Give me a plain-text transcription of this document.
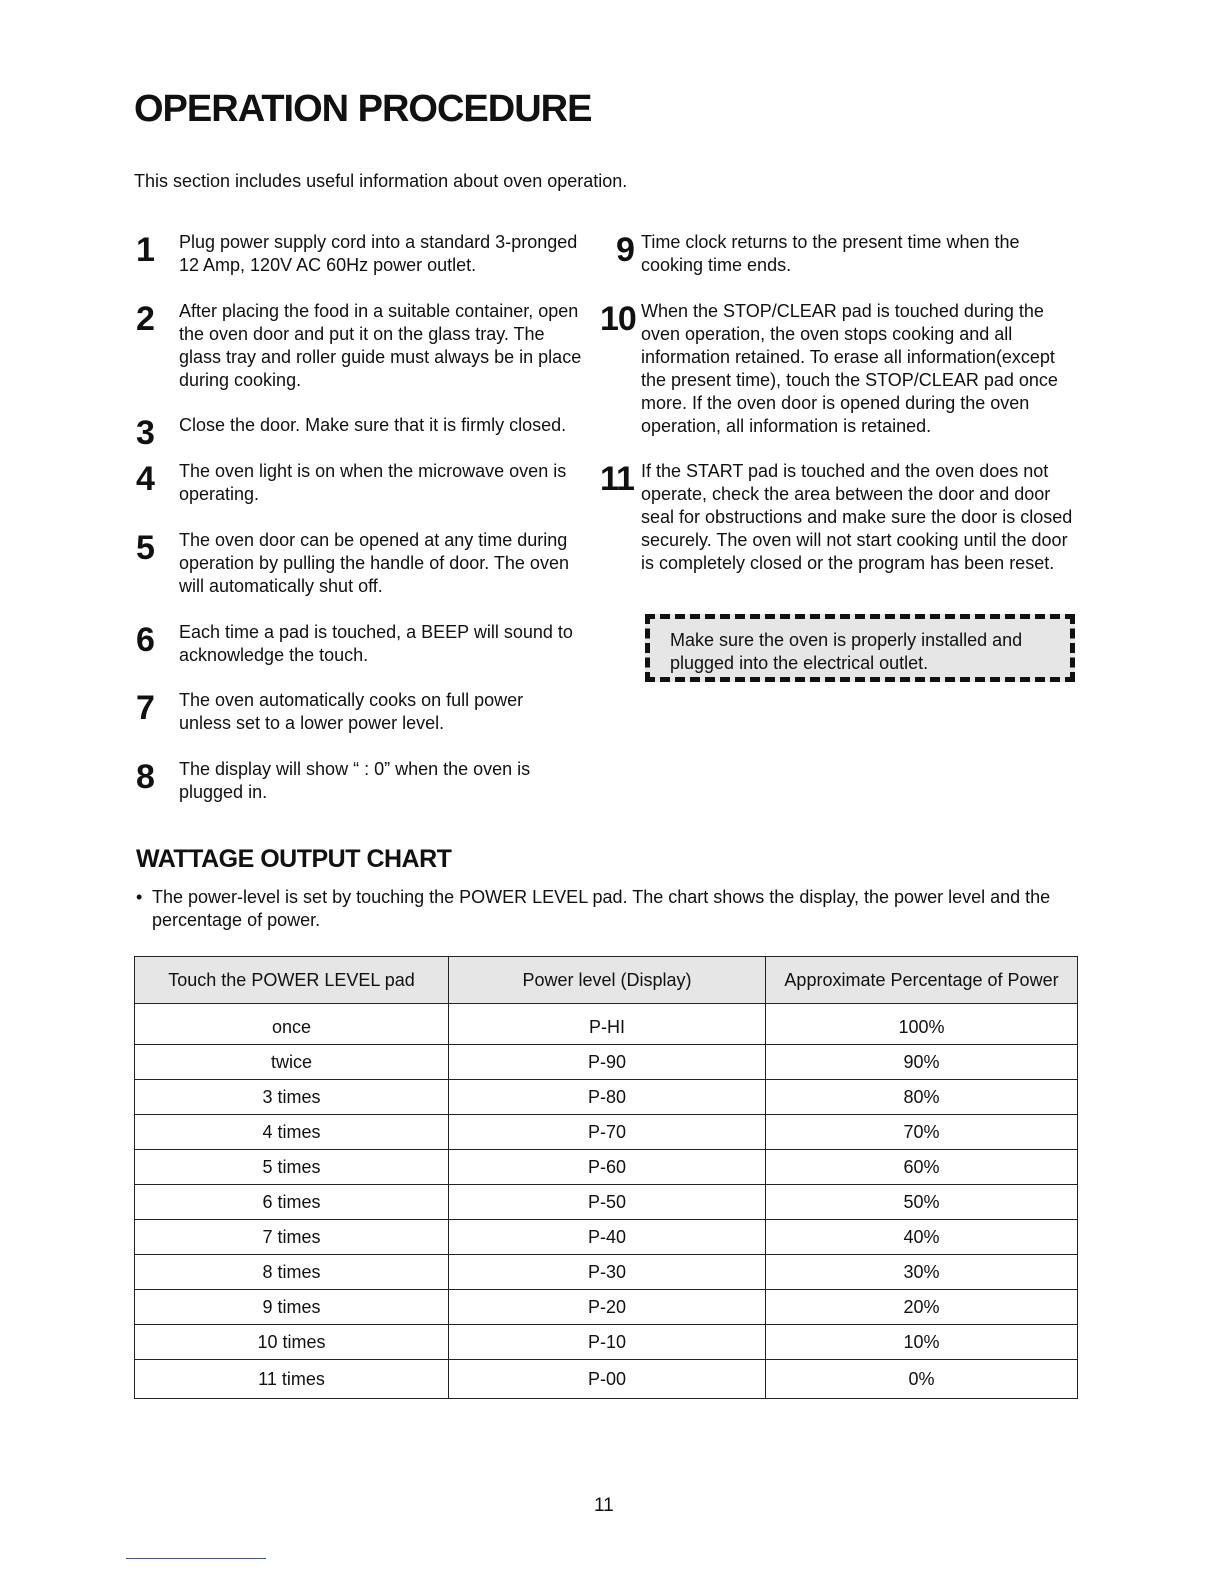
OPERATION PROCEDURE

This section includes useful information about oven operation.

1 Plug power supply cord into a standard 3-pronged 12 Amp, 120V AC 60Hz power outlet.
2 After placing the food in a suitable container, open the oven door and put it on the glass tray. The glass tray and roller guide must always be in place during cooking.
3 Close the door. Make sure that it is firmly closed.
4 The oven light is on when the microwave oven is operating.
5 The oven door can be opened at any time during operation by pulling the handle of door. The oven will automatically shut off.
6 Each time a pad is touched, a BEEP will sound to acknowledge the touch.
7 The oven automatically cooks on full power unless set to a lower power level.
8 The display will show “ : 0” when the oven is plugged in.
9 Time clock returns to the present time when the cooking time ends.
10 When the STOP/CLEAR pad is touched during the oven operation, the oven stops cooking and all information retained. To erase all information(except the present time), touch the STOP/CLEAR pad once more. If the oven door is opened during the oven operation, all information is retained.
11 If the START pad is touched and the oven does not operate, check the area between the door and door seal for obstructions and make sure the door is closed securely. The oven will not start cooking until the door is completely closed or the program has been reset.
Make sure the oven is properly installed and plugged into the electrical outlet.
WATTAGE OUTPUT CHART
• The power-level is set by touching the POWER LEVEL pad. The chart shows the display, the power level and the percentage of power.
Touch the POWER LEVEL pad	Power level (Display)	Approximate Percentage of Power
once	P-HI	100%
twice	P-90	90%
3 times	P-80	80%
4 times	P-70	70%
5 times	P-60	60%
6 times	P-50	50%
7 times	P-40	40%
8 times	P-30	30%
9 times	P-20	20%
10 times	P-10	10%
11 times	P-00	0%
11
